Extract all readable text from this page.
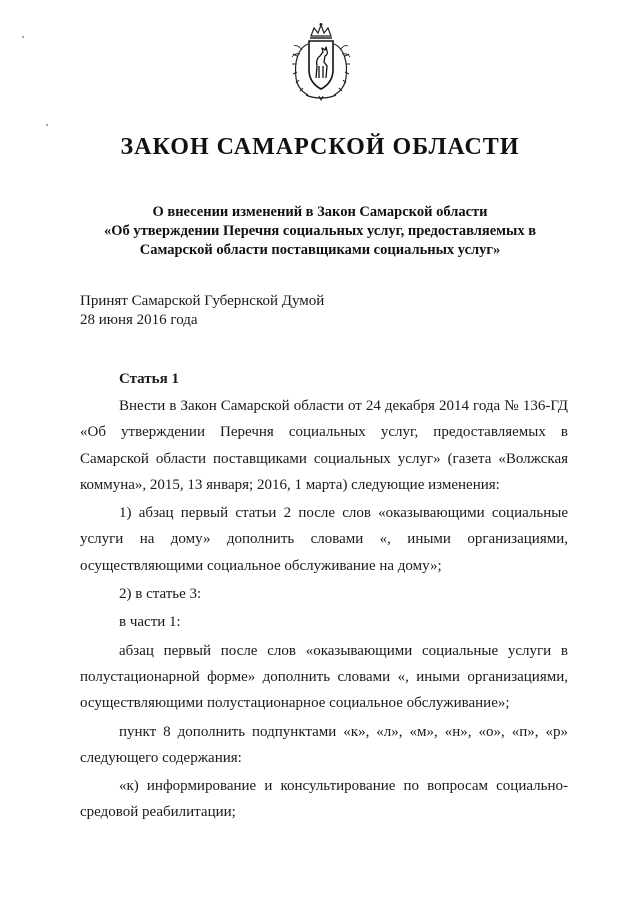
ЗАКОН САМАРСКОЙ ОБЛАСТИ
О внесении изменений в Закон Самарской области
«Об утверждении Перечня социальных услуг, предоставляемых в
Самарской области поставщиками социальных услуг»
Принят Самарской Губернской Думой
28 июня 2016 года
Статья 1

Внести в Закон Самарской области от 24 декабря 2014 года № 136-ГД «Об утверждении Перечня социальных услуг, предоставляемых в Самарской области поставщиками социальных услуг» (газета «Волжская коммуна», 2015, 13 января; 2016, 1 марта) следующие изменения:

1) абзац первый статьи 2 после слов «оказывающими социальные услуги на дому» дополнить словами «, иными организациями, осуществляющими социальное обслуживание на дому»;

2) в статье 3:

в части 1:

абзац первый после слов «оказывающими социальные услуги в полустационарной форме» дополнить словами «, иными организациями, осуществляющими полустационарное социальное обслуживание»;

пункт 8 дополнить подпунктами «к», «л», «м», «н», «о», «п», «р» следующего содержания:

«к) информирование и консультирование по вопросам социально-средовой реабилитации;
